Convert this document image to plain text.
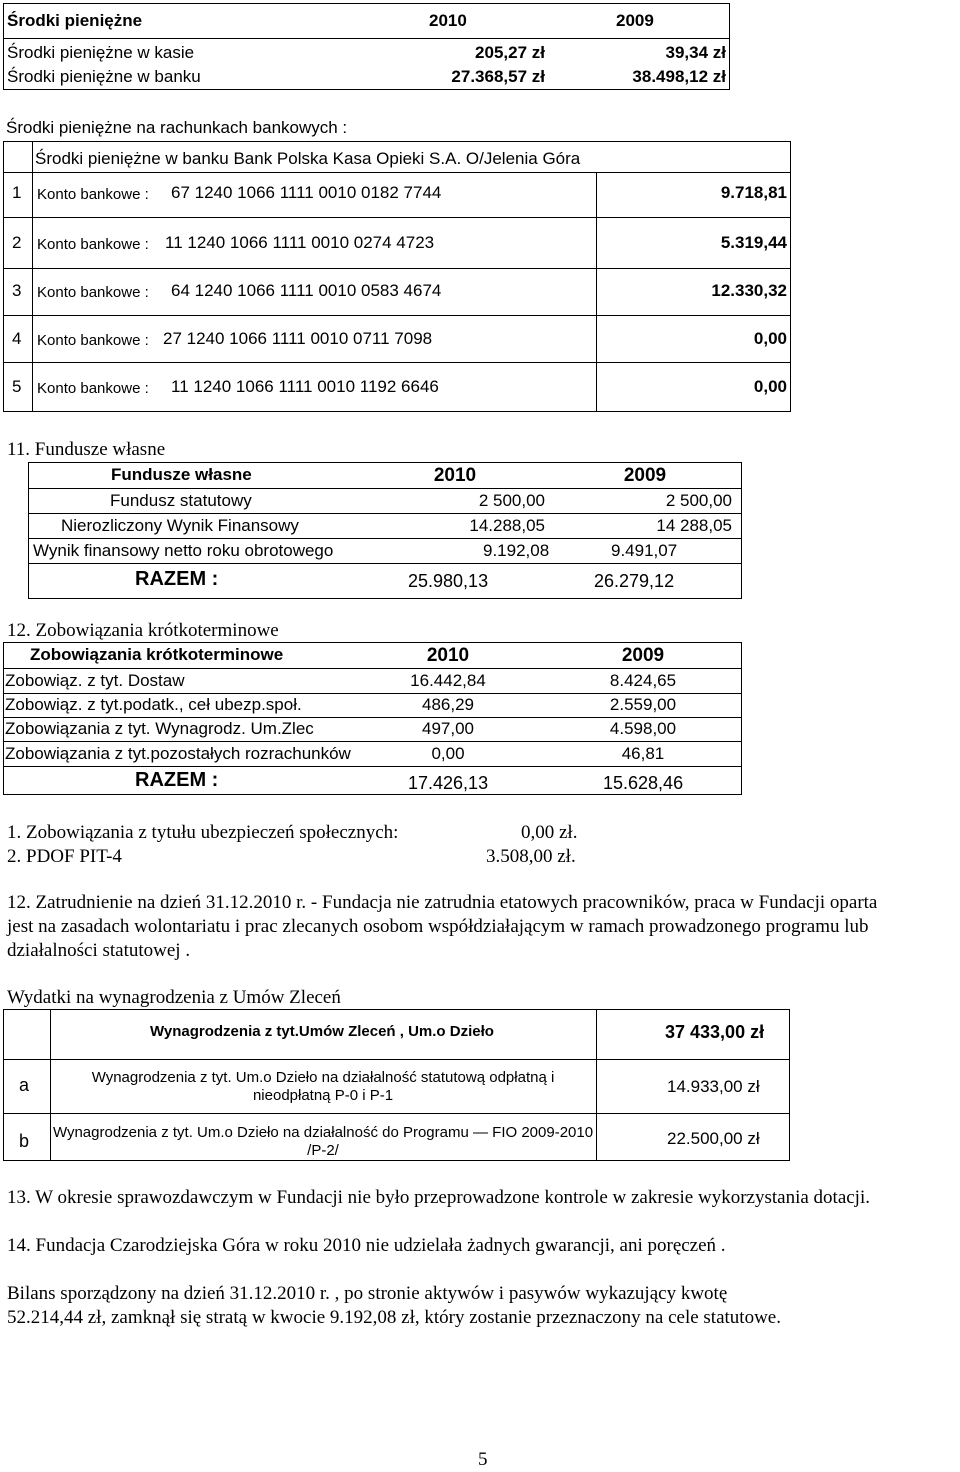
Środki pieniężne	2010	2009
Środki pieniężne w kasie	205,27 zł	39,34 zł
Środki pieniężne w banku	27.368,57 zł	38.498,12 zł
Środki pieniężne na rachunkach bankowych :
Środki pieniężne w banku Bank Polska Kasa Opieki S.A. O/Jelenia Góra
1 Konto bankowe : 67 1240 1066 1111 0010 0182 7744	9.718,81
2 Konto bankowe : 11 1240 1066 1111 0010 0274 4723	5.319,44
3 Konto bankowe : 64 1240 1066 1111 0010 0583 4674	12.330,32
4 Konto bankowe : 27 1240 1066 1111 0010 0711 7098	0,00
5 Konto bankowe : 11 1240 1066 1111 0010 1192 6646	0,00
11. Fundusze własne
Fundusze własne	2010	2009
Fundusz statutowy	2 500,00	2 500,00
Nierozliczony Wynik Finansowy	14.288,05	14 288,05
Wynik finansowy netto roku obrotowego	9.192,08	9.491,07
RAZEM :	25.980,13	26.279,12
12. Zobowiązania krótkoterminowe
Zobowiązania krótkoterminowe	2010	2009
Zobowiąz. z tyt. Dostaw	16.442,84	8.424,65
Zobowiąz. z tyt.podatk., ceł ubezp.społ.	486,29	2.559,00
Zobowiązania z tyt. Wynagrodz. Um.Zlec	497,00	4.598,00
Zobowiązania z tyt.pozostałych rozrachunków	0,00	46,81
RAZEM :	17.426,13	15.628,46
1. Zobowiązania z tytułu ubezpieczeń społecznych:	0,00 zł.
2. PDOF PIT-4	3.508,00 zł.
12. Zatrudnienie na dzień 31.12.2010 r. - Fundacja nie zatrudnia etatowych pracowników, praca w Fundacji oparta
jest na zasadach wolontariatu i prac zlecanych osobom współdziałającym w ramach prowadzonego programu lub
działalności statutowej .
Wydatki na wynagrodzenia z Umów Zleceń
Wynagrodzenia z tyt.Umów Zleceń , Um.o Dzieło	37 433,00 zł
a	Wynagrodzenia z tyt. Um.o Dzieło na działalność statutową odpłatną i
nieodpłatną P-0 i P-1	14.933,00 zł
b Wynagrodzenia z tyt. Um.o Dzieło na działalność do Programu — FIO 2009-2010
/P-2/
22.500,00 zł
13. W okresie sprawozdawczym w Fundacji nie było przeprowadzone kontrole w zakresie wykorzystania dotacji.
14. Fundacja Czarodziejska Góra w roku 2010 nie udzielała żadnych gwarancji, ani poręczeń .
Bilans sporządzony na dzień 31.12.2010 r. , po stronie aktywów i pasywów wykazujący kwotę
52.214,44 zł, zamknął się stratą w kwocie 9.192,08 zł, który zostanie przeznaczony na cele statutowe.
5
